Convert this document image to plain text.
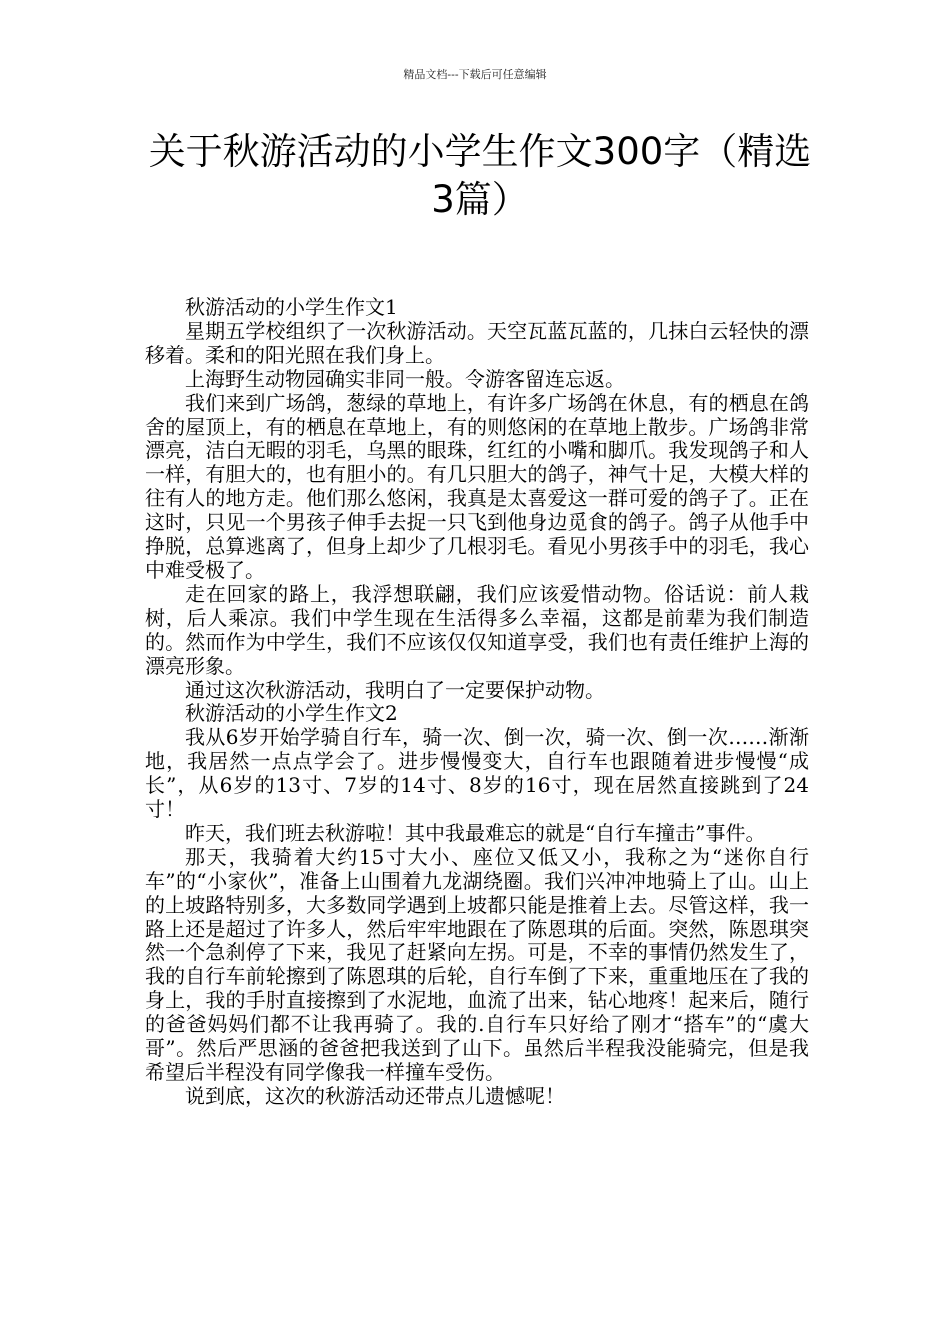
精品文档---下载后可任意编辑
关于秋游活动的小学生作文300字（精选3篇）

秋游活动的小学生作文1

星期五学校组织了一次秋游活动。天空瓦蓝瓦蓝的，几抹白云轻快的漂移着。柔和的阳光照在我们身上。

上海野生动物园确实非同一般。令游客留连忘返。

我们来到广场鸽，葱绿的草地上，有许多广场鸽在休息，有的栖息在鸽舍的屋顶上，有的栖息在草地上，有的则悠闲的在草地上散步。广场鸽非常漂亮，洁白无暇的羽毛，乌黑的眼珠，红红的小嘴和脚爪。我发现鸽子和人一样，有胆大的，也有胆小的。有几只胆大的鸽子，神气十足，大模大样的往有人的地方走。他们那么悠闲，我真是太喜爱这一群可爱的鸽子了。正在这时，只见一个男孩子伸手去捉一只飞到他身边觅食的鸽子。鸽子从他手中挣脱，总算逃离了，但身上却少了几根羽毛。看见小男孩手中的羽毛，我心中难受极了。

走在回家的路上，我浮想联翩，我们应该爱惜动物。俗话说：前人栽树，后人乘凉。我们中学生现在生活得多么幸福，这都是前辈为我们制造的。然而作为中学生，我们不应该仅仅知道享受，我们也有责任维护上海的漂亮形象。

通过这次秋游活动，我明白了一定要保护动物。

秋游活动的小学生作文2

我从6岁开始学骑自行车，骑一次、倒一次，骑一次、倒一次……渐渐地，我居然一点点学会了。进步慢慢变大，自行车也跟随着进步慢慢“成长”，从6岁的13寸、7岁的14寸、8岁的16寸，现在居然直接跳到了24寸！

昨天，我们班去秋游啦！其中我最难忘的就是“自行车撞击”事件。

那天，我骑着大约15寸大小、座位又低又小，我称之为“迷你自行车”的“小家伙”，准备上山围着九龙湖绕圈。我们兴冲冲地骑上了山。山上的上坡路特别多，大多数同学遇到上坡都只能是推着上去。尽管这样，我一路上还是超过了许多人，然后牢牢地跟在了陈恩琪的后面。突然，陈恩琪突然一个急刹停了下来，我见了赶紧向左拐。可是，不幸的事情仍然发生了，我的自行车前轮擦到了陈恩琪的后轮，自行车倒了下来，重重地压在了我的身上，我的手肘直接擦到了水泥地，血流了出来，钻心地疼！起来后，随行的爸爸妈妈们都不让我再骑了。我的.自行车只好给了刚才“搭车”的“虞大哥”。然后严思涵的爸爸把我送到了山下。虽然后半程我没能骑完，但是我希望后半程没有同学像我一样撞车受伤。

说到底，这次的秋游活动还带点儿遗憾呢！
